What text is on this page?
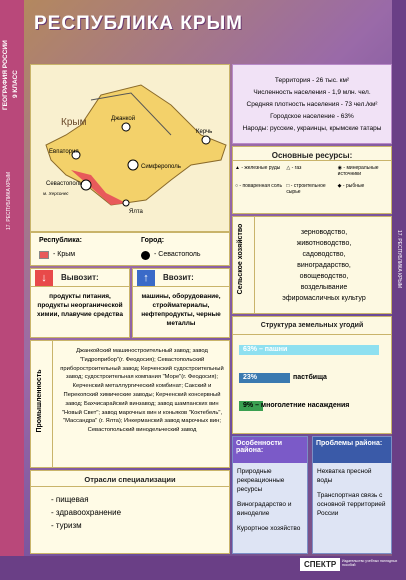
ГЕОГРАФИЯ РОССИИ 9 КЛАСС
17. РЕСПУБЛИКА КРЫМ
17. РЕСПУБЛИКА КРЫМ
РЕСПУБЛИКА КРЫМ
Крым	Джанкой
Евпатория
Симферополь
Керчь
Севастополь
Ялта
м. Херсонес
Республика:
- Крым
Город:
- Севастополь
Территория - 26 тыс. км²
Численность населения - 1,9 млн. чел.
Средняя плотность населения - 73 чел./км²
Городское население - 63%
Народы: русские, украинцы, крымские татары
Основные ресурсы:
▲ - железные руды	△ - газ	◉ - минеральные источники
○ - поваренная соль □ - строительное сырье
◆ - рыбные
Сельское хозяйство	зерноводство,
животноводство,
садоводство,
виноградарство,
овощеводство,
возделывание
эфиромасличных культур
Структура земельных угодий
63% – пашни
23%	пастбища
9% – многолетние насаждения
Особенности района:
Природные рекреационные ресурсы
Виноградарство и виноделие
Курортное хозяйство
Проблемы района:
Нехватка пресной воды
Транспортная связь с основной территорией России
↓	Вывозит:
продукты питания, продукты неорганической химии, плавучие средства
↑	Ввозит:
машины, оборудование, стройматериалы, нефтепродукты, черные металлы
Промышленность
Джанкойский машиностроительный завод; завод "Гидроприбор"(г. Феодосия); Севастопольский приборостроительный завод; Керченский судостроительный завод; судостроительная компания "Море"(г. Феодосия); Керченский металлургический комбинат; Сакский и Перекопский химические заводы; Керченский консервный завод; Бахчисарайский винзавод; завод шампанских вин "Новый Свет"; завод марочных вин и коньяков "Коктебель", "Массандра" (г. Ялта); Инкерманский завод марочных вин; Севастопольский винодельческий завод
Отрасли специализации
- пищевая
- здравоохранение
- туризм
СПЕКТР	Издательство учебных наглядных пособий
